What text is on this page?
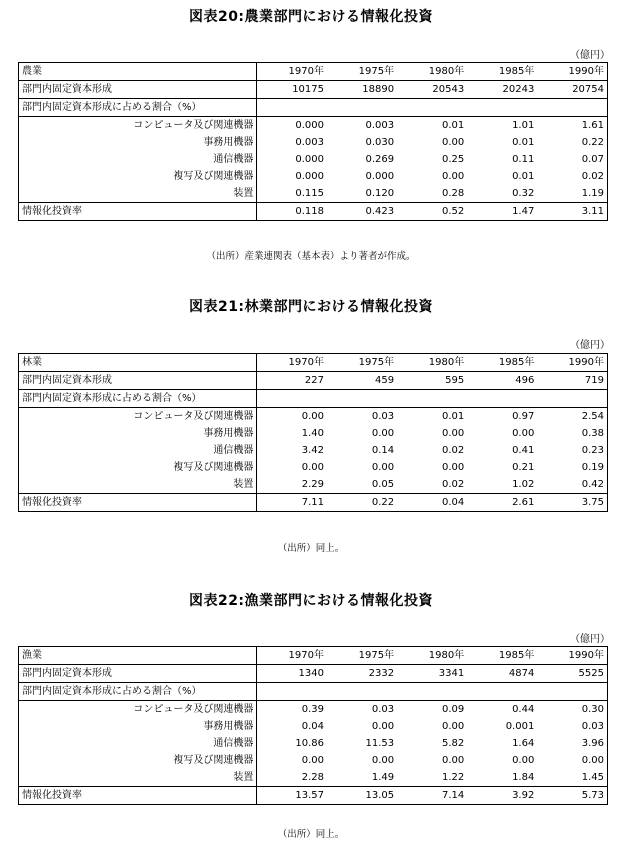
図表20:農業部門における情報化投資
（億円）
農業	1970年	1975年	1980年	1985年	1990年
部門内固定資本形成	10175	18890	20543	20243	20754
部門内固定資本形成に占める割合（%）					
コンピュータ及び関連機器	0.000	0.003	0.01	1.01	1.61
事務用機器	0.003	0.030	0.00	0.01	0.22
通信機器	0.000	0.269	0.25	0.11	0.07
複写及び関連機器	0.000	0.000	0.00	0.01	0.02
装置	0.115	0.120	0.28	0.32	1.19
情報化投資率	0.118	0.423	0.52	1.47	3.11
（出所）産業連関表（基本表）より著者が作成。
図表21:林業部門における情報化投資
（億円）
林業	1970年	1975年	1980年	1985年	1990年
部門内固定資本形成	227	459	595	496	719
部門内固定資本形成に占める割合（%）					
コンピュータ及び関連機器	0.00	0.03	0.01	0.97	2.54
事務用機器	1.40	0.00	0.00	0.00	0.38
通信機器	3.42	0.14	0.02	0.41	0.23
複写及び関連機器	0.00	0.00	0.00	0.21	0.19
装置	2.29	0.05	0.02	1.02	0.42
情報化投資率	7.11	0.22	0.04	2.61	3.75
（出所）同上。
図表22:漁業部門における情報化投資
（億円）
漁業	1970年	1975年	1980年	1985年	1990年
部門内固定資本形成	1340	2332	3341	4874	5525
部門内固定資本形成に占める割合（%）					
コンピュータ及び関連機器	0.39	0.03	0.09	0.44	0.30
事務用機器	0.04	0.00	0.00	0.001	0.03
通信機器	10.86	11.53	5.82	1.64	3.96
複写及び関連機器	0.00	0.00	0.00	0.00	0.00
装置	2.28	1.49	1.22	1.84	1.45
情報化投資率	13.57	13.05	7.14	3.92	5.73
（出所）同上。
